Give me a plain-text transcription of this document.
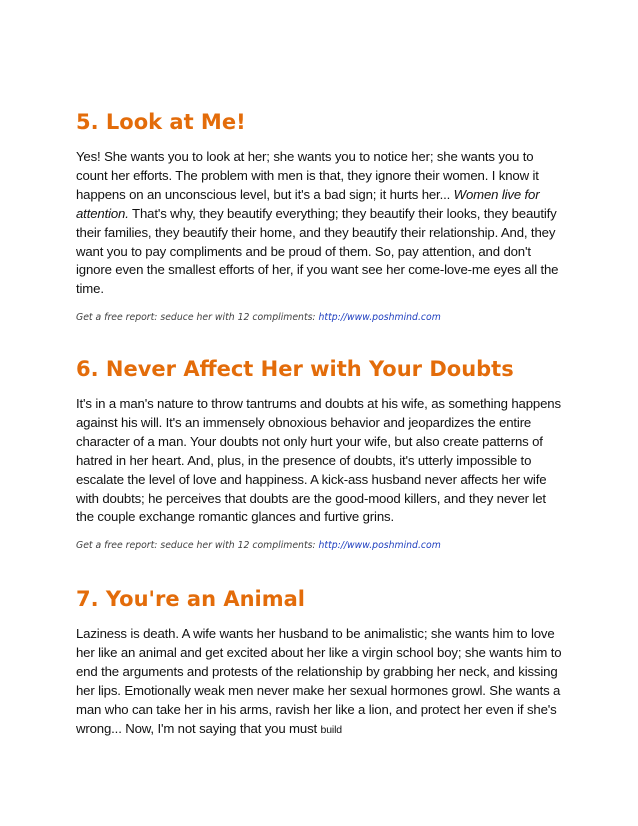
5. Look at Me!

Yes! She wants you to look at her; she wants you to notice her; she wants you to count her efforts. The problem with men is that, they ignore their women. I know it happens on an unconscious level, but it's a bad sign; it hurts her... Women live for attention. That's why, they beautify everything; they beautify their looks, they beautify their families, they beautify their home, and they beautify their relationship. And, they want you to pay compliments and be proud of them. So, pay attention, and don't ignore even the smallest efforts of her, if you want see her come-love-me eyes all the time.

Get a free report: seduce her with 12 compliments: http://www.poshmind.com

6. Never Affect Her with Your Doubts

It's in a man's nature to throw tantrums and doubts at his wife, as something happens against his will. It's an immensely obnoxious behavior and jeopardizes the entire character of a man. Your doubts not only hurt your wife, but also create patterns of hatred in her heart. And, plus, in the presence of doubts, it's utterly impossible to escalate the level of love and happiness. A kick-ass husband never affects her wife with doubts; he perceives that doubts are the good-mood killers, and they never let the couple exchange romantic glances and furtive grins.

Get a free report: seduce her with 12 compliments: http://www.poshmind.com

7. You're an Animal

Laziness is death. A wife wants her husband to be animalistic; she wants him to love her like an animal and get excited about her like a virgin school boy; she wants him to end the arguments and protests of the relationship by grabbing her neck, and kissing her lips. Emotionally weak men never make her sexual hormones growl. She wants a man who can take her in his arms, ravish her like a lion, and protect her even if she's wrong... Now, I'm not saying that you must build
